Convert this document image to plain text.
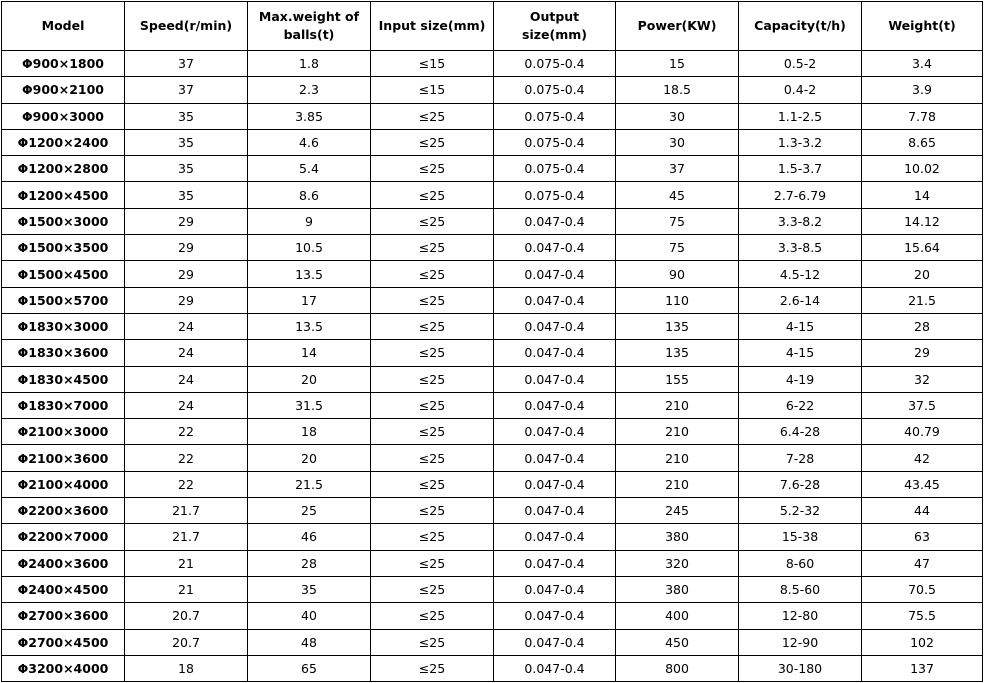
Model	Speed(r/min)	Max.weight of balls(t)	Input size(mm)	Output size(mm)	Power(KW)	Capacity(t/h)	Weight(t)
Φ900×1800	37	1.8	≤15	0.075-0.4	15	0.5-2	3.4
Φ900×2100	37	2.3	≤15	0.075-0.4	18.5	0.4-2	3.9
Φ900×3000	35	3.85	≤25	0.075-0.4	30	1.1-2.5	7.78
Φ1200×2400	35	4.6	≤25	0.075-0.4	30	1.3-3.2	8.65
Φ1200×2800	35	5.4	≤25	0.075-0.4	37	1.5-3.7	10.02
Φ1200×4500	35	8.6	≤25	0.075-0.4	45	2.7-6.79	14
Φ1500×3000	29	9	≤25	0.047-0.4	75	3.3-8.2	14.12
Φ1500×3500	29	10.5	≤25	0.047-0.4	75	3.3-8.5	15.64
Φ1500×4500	29	13.5	≤25	0.047-0.4	90	4.5-12	20
Φ1500×5700	29	17	≤25	0.047-0.4	110	2.6-14	21.5
Φ1830×3000	24	13.5	≤25	0.047-0.4	135	4-15	28
Φ1830×3600	24	14	≤25	0.047-0.4	135	4-15	29
Φ1830×4500	24	20	≤25	0.047-0.4	155	4-19	32
Φ1830×7000	24	31.5	≤25	0.047-0.4	210	6-22	37.5
Φ2100×3000	22	18	≤25	0.047-0.4	210	6.4-28	40.79
Φ2100×3600	22	20	≤25	0.047-0.4	210	7-28	42
Φ2100×4000	22	21.5	≤25	0.047-0.4	210	7.6-28	43.45
Φ2200×3600	21.7	25	≤25	0.047-0.4	245	5.2-32	44
Φ2200×7000	21.7	46	≤25	0.047-0.4	380	15-38	63
Φ2400×3600	21	28	≤25	0.047-0.4	320	8-60	47
Φ2400×4500	21	35	≤25	0.047-0.4	380	8.5-60	70.5
Φ2700×3600	20.7	40	≤25	0.047-0.4	400	12-80	75.5
Φ2700×4500	20.7	48	≤25	0.047-0.4	450	12-90	102
Φ3200×4000	18	65	≤25	0.047-0.4	800	30-180	137
